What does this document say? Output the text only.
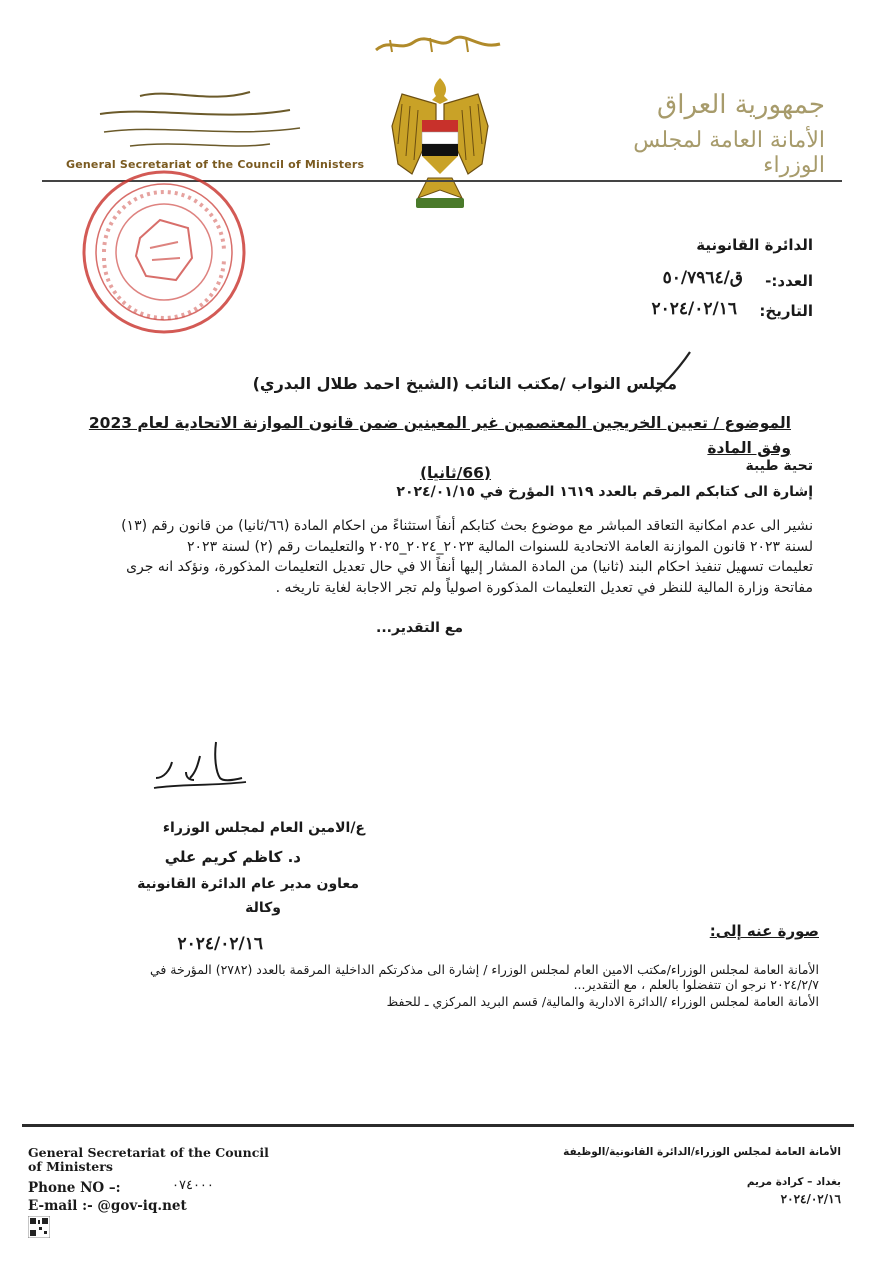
جمهورية العراق
الأمانة العامة لمجلس الوزراء
General Secretariat of the Council of Ministers
الدائرة القانونية
العدد:-
ق/٥٠/٧٩٦٤
التاريخ:
٢٠٢٤/٠٢/١٦
مجلس النواب /مكتب النائب (الشيخ احمد طلال البدري)
الموضوع / تعيين الخريجين المعتصمين غير المعينين ضمن قانون الموازنة الاتحادية لعام 2023 وفق المادة
(66/ثانيا)	تحية طيبة
إشارة الى كتابكم المرقم بالعدد ١٦١٩ المؤرخ في ٢٠٢٤/٠١/١٥
نشير الى عدم امكانية التعاقد المباشر مع موضوع بحث كتابكم أنفاً استثناءً من احكام المادة (٦٦/ثانيا) من قانون رقم (١٣)
لسنة ٢٠٢٣ قانون الموازنة العامة الاتحادية للسنوات المالية ٢٠٢٣_٢٠٢٤_٢٠٢٥ والتعليمات رقم (٢) لسنة ٢٠٢٣
تعليمات تسهيل تنفيذ احكام البند (ثانيا) من المادة المشار إليها أنفاً الا في حال تعديل التعليمات المذكورة، ونؤكد انه جرى
مفاتحة وزارة المالية للنظر في تعديل التعليمات المذكورة اصولياً ولم تجر الاجابة لغاية تاريخه .
مع التقدير...
ع/الامين العام لمجلس الوزراء
د. كاظم كريم علي
معاون مدير عام الدائرة القانونية
وكالة
٢٠٢٤/٠٢/١٦
صورة عنه إلى:
الأمانة العامة لمجلس الوزراء/مكتب الامين العام لمجلس الوزراء / إشارة الى مذكرتكم الداخلية المرقمة بالعدد (٢٧٨٢) المؤرخة في
٢٠٢٤/٢/٧ نرجو ان تتفضلوا بالعلم ، مع التقدير...
الأمانة العامة لمجلس الوزراء /الدائرة الادارية والمالية/ قسم البريد المركزي ـ للحفظ
General Secretariat of the Council of Ministers
Phone NO –:	٠٧٤٠٠٠
E-mail :- @gov-iq.net
الأمانة العامة لمجلس الوزراء/الدائرة القانونية/الوظيفة
بغداد – كرادة مريم
٢٠٢٤/٠٢/١٦
